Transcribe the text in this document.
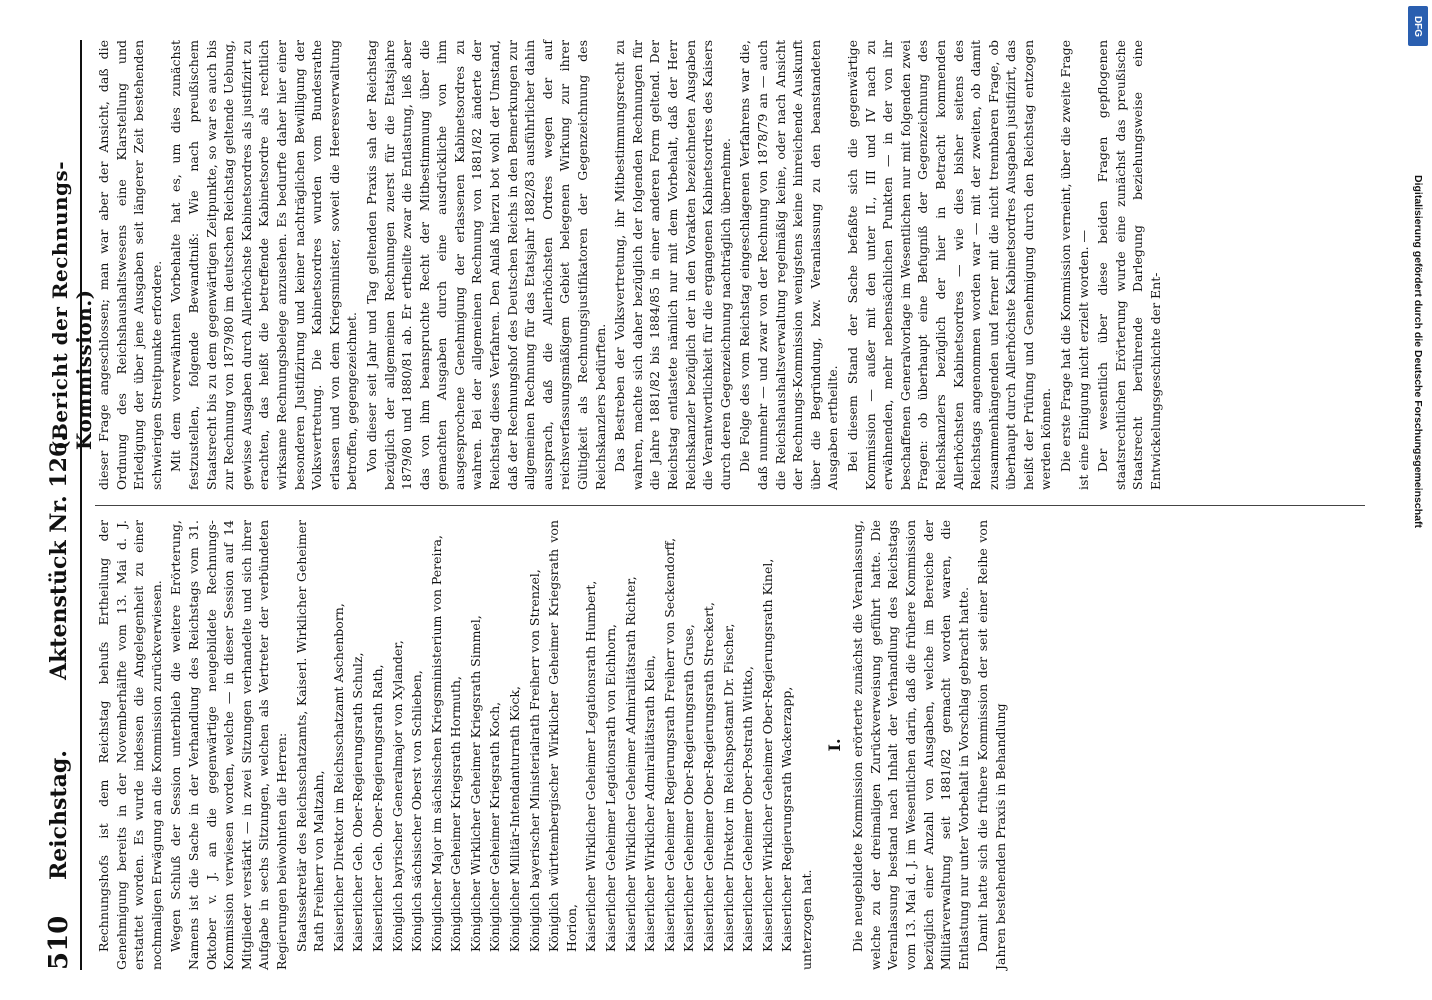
510
Reichstag.
Aktenstück Nr. 126.
(Bericht der Rechnungs-Kommission.)

Rechnungshofs ist dem Reichstag behufs Ertheilung der Genehmigung bereits in der Novemberhälfte vom 13. Mai d. J. erstattet worden. Es wurde indessen die Angelegenheit zu einer nochmaligen Erwägung an die Kommission zurückverwiesen. Wegen Schluß der Session unterblieb die weitere Erörterung, Namens ist die Sache in der Verhandlung des Reichstags vom 31. Oktober v. J. an die gegenwärtige neugebildete Rechnungs-Kommission verwiesen worden, welche — in dieser Session auf 14 Mitglieder verstärkt — in zwei Sitzungen verhandelte und sich ihrer Aufgabe in sechs Sitzungen, welchen als Vertreter der verbündeten Regierungen beiwohnten die Herren: Staatssekretär des Reichsschatzamts, Kaiserl. Wirklicher Geheimer Rath Freiherr von Maltzahn, Kaiserlicher Direktor im Reichsschatzamt Aschenborn, Kaiserlicher Geh. Ober-Regierungsrath Schulz, Kaiserlicher Geh. Ober-Regierungsrath Rath, Königlich bayrischer Generalmajor von Xylander, Königlich sächsischer Oberst von Schlieben, Königlicher Major im sächsischen Kriegsministerium von Pereira, Königlicher Geheimer Kriegsrath Hormuth, Königlicher Wirklicher Geheimer Kriegsrath Simmel, Königlicher Geheimer Kriegsrath Koch, Königlicher Militär-Intendanturrath Köck, Königlich bayerischer Ministerialrath Freiherr von Strenzel, Königlich württembergischer Wirklicher Geheimer Kriegsrath von Horion, Kaiserlicher Wirklicher Geheimer Legationsrath Humbert, Kaiserlicher Geheimer Legationsrath von Eichhorn, Kaiserlicher Wirklicher Geheimer Admiralitätsrath Richter, Kaiserlicher Wirklicher Admiralitätsrath Klein, Kaiserlicher Geheimer Regierungsrath Freiherr von Seckendorff, Kaiserlicher Geheimer Ober-Regierungsrath Gruse, Kaiserlicher Geheimer Ober-Regierungsrath Streckert, Kaiserlicher Direktor im Reichspostamt Dr. Fischer, Kaiserlicher Geheimer Ober-Postrath Wittko, Kaiserlicher Wirklicher Geheimer Ober-Regierungsrath Kinel, Kaiserlicher Regierungsrath Wackerzapp, unterzogen hat.

I. Die neugebildete Kommission erörterte zunächst die Veranlassung, welche zu der dreimaligen Zurückverweisung geführt hatte. Die Veranlassung bestand nach Inhalt der Verhandlung des Reichstags vom 13. Mai d. J. im Wesentlichen darin, daß die frühere Kommission bezüglich einer Anzahl von Ausgaben, welche im Bereiche der Militärverwaltung seit 1881/82 gemacht worden waren, die Entlastung nur unter Vorbehalt in Vorschlag gebracht hatte. Damit hatte sich die frühere Kommission der seit einer Reihe von Jahren bestehenden Praxis in Behandlung

dieser Frage angeschlossen; man war aber der Ansicht, daß die Ordnung des Reichshaushaltswesens eine Klarstellung und Erledigung der über jene Ausgaben seit längerer Zeit bestehenden schwierigen Streitpunkte erfordere. Mit dem vorerwähnten Vorbehalte hat es, um dies zunächst festzustellen, folgende Bewandtniß: Wie nach preußischem Staatsrecht bis zu dem gegenwärtigen Zeitpunkte, so war es auch bis zur Rechnung von 1879/80 im deutschen Reichstag geltende Uebung, gewisse Ausgaben durch Allerhöchste Kabinetsordres als justifizirt zu erachten, das heißt die betreffende Kabinetsordre als rechtlich wirksame Rechnungsbelege anzusehen. Es bedurfte daher hier einer besonderen Justifizirung und keiner nachträglichen Bewilligung der Volksvertretung. Die Kabinetsordres wurden vom Bundesrathe erlassen und von dem Kriegsminister, soweit die Heeresverwaltung betroffen, gegengezeichnet. Von dieser seit Jahr und Tag geltenden Praxis sah der Reichstag bezüglich der allgemeinen Rechnungen zuerst für die Etatsjahre 1879/80 und 1880/81 ab. Er ertheilte zwar die Entlastung, ließ aber das von ihm beanspruchte Recht der Mitbestimmung über die gemachten Ausgaben durch eine ausdrückliche von ihm ausgesprochene Genehmigung der erlassenen Kabinetsordres zu wahren. Bei der allgemeinen Rechnung von 1881/82 änderte der Reichstag dieses Verfahren. Den Anlaß hierzu bot wohl der Umstand, daß der Rechnungshof des Deutschen Reichs in den Bemerkungen zur allgemeinen Rechnung für das Etatsjahr 1882/83 ausführlicher dahin aussprach, daß die Allerhöchsten Ordres wegen der auf reichsverfassungsmäßigem Gebiet belegenen Wirkung zur ihrer Gültigkeit als Rechnungsjustifikatoren der Gegenzeichnung des Reichskanzlers bedürften. Das Bestreben der Volksvertretung, ihr Mitbestimmungsrecht zu wahren, machte sich daher bezüglich der folgenden Rechnungen für die Jahre 1881/82 bis 1884/85 in einer anderen Form geltend. Der Reichstag entlastete nämlich nur mit dem Vorbehalt, daß der Herr Reichskanzler bezüglich der in den Vorakten bezeichneten Ausgaben die Verantwortlichkeit für die ergangenen Kabinetsordres des Kaisers durch deren Gegenzeichnung nachträglich übernehme. Die Folge des vom Reichstag eingeschlagenen Verfahrens war die, daß nunmehr — und zwar von der Rechnung von 1878/79 an — auch die Reichshaushaltsverwaltung regelmäßig keine, oder nach Ansicht der Rechnungs-Kommission wenigstens keine hinreichende Auskunft über die Begründung, bzw. Veranlassung zu den beanstandeten Ausgaben ertheilte. Bei diesem Stand der Sache befaßte sich die gegenwärtige Kommission — außer mit den unter II., III und IV nach zu erwähnenden, mehr nebensächlichen Punkten — in der von ihr beschaffenen Generalvorlage im Wesentlichen nur mit folgenden zwei Fragen: ob überhaupt eine Befugniß der Gegenzeichnung des Reichskanzlers bezüglich der hier in Betracht kommenden Allerhöchsten Kabinetsordres — wie dies bisher seitens des Reichstags angenommen worden war — mit der zweiten, ob damit zusammenhängenden und ferner mit die nicht trennbaren Frage, ob überhaupt durch Allerhöchste Kabinetsordres Ausgaben justifizirt, das heißt der Prüfung und Genehmigung durch den Reichstag entzogen werden können. Die erste Frage hat die Kommission verneint, über die zweite Frage ist eine Einigung nicht erzielt worden. — Der wesentlich über diese beiden Fragen gepflogenen staatsrechtlichen Erörterung wurde eine zunächst das preußische Staatsrecht berührende Darlegung beziehungsweise eine Entwickelungsgeschichte der Ent-	Digitalisierung gefördert durch die Deutsche Forschungsgemeinschaft
DFG
